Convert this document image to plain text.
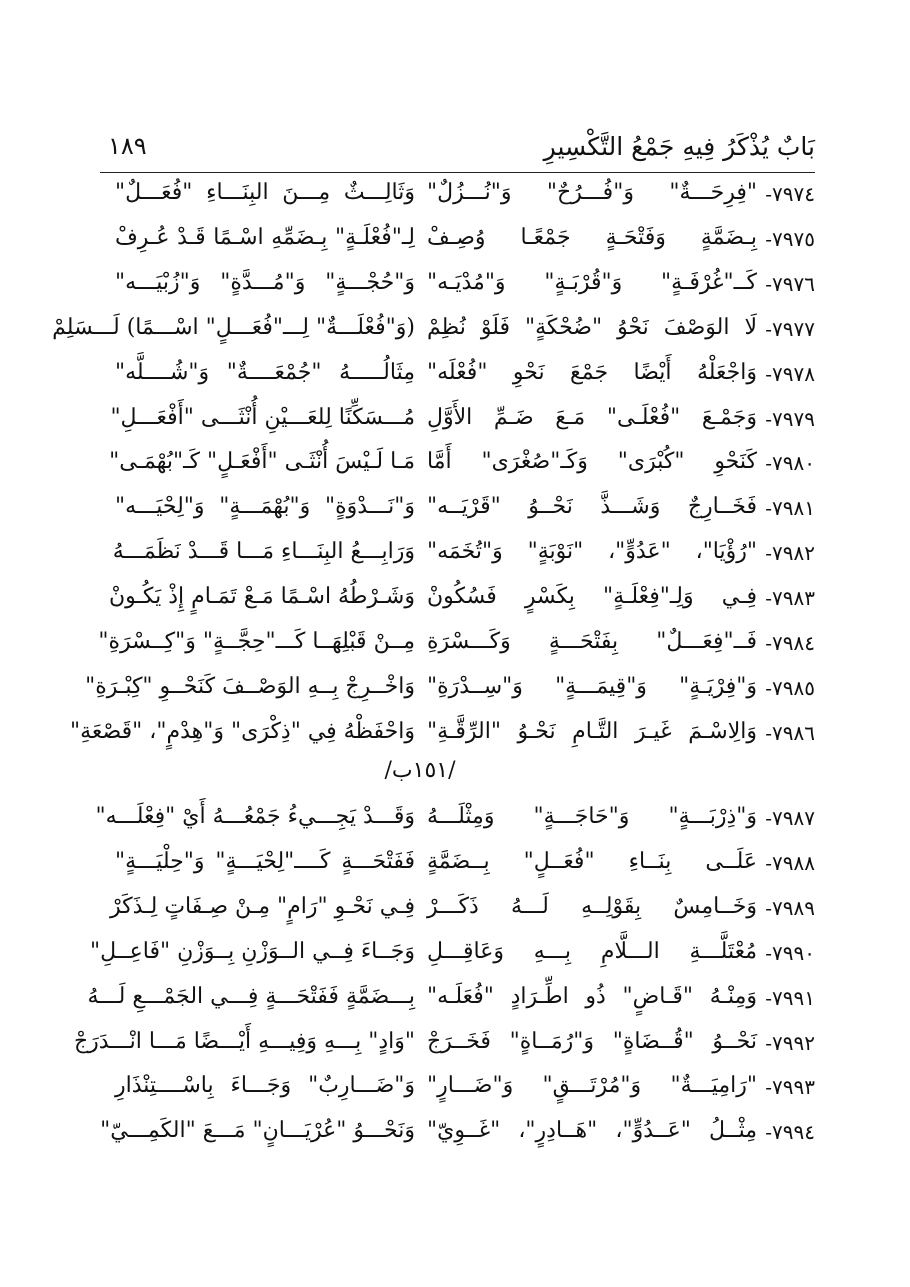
بَابٌ يُذْكَرُ فِيهِ جَمْعُ التَّكْسِيرِ
١٨٩
٧٩٧٤-
"فِرِحَـــةٌ" وَ"فُـــرُحٌ" وَ"نُـــزُلٌ"
وَثَالِـــثٌ مِـــنَ البِنَـــاءِ "فُعَـــلٌ"
٧٩٧٥-
بِـضَمَّةٍ وَفَتْحَـةٍ جَمْعًـا وُصِـفْ
لِـ"فُعْلَـةٍ" بِـضَمِّهِ اسْـمًا قَـدْ عُـرِفْ
٧٩٧٦-
كَــ"غُرْفَـةٍ" وَ"قُرْبَـةٍ" وَ"مُدْيَـه"
وَ"حُجْـــةٍ" وَ"مُـــدَّةٍ" وَ"زُبْيَـــه"
٧٩٧٧-
لَا الوَصْفَ نَحْوُ "ضُحْكَةٍ" فَلَوْ نُظِمْ
(وَ"فُعْلَـــةٌ" لِـــ"فُعَـــلٍ" اسْـــمًا) لَـــسَلِمْ
٧٩٧٨-
وَاجْعَلْهُ أَيْضًا جَمْعَ نَحْوِ "فُعْلَه"
مِثَالُـــــهُ "جُمْعَــــةٌ" وَ"شُــــلَّه"
٧٩٧٩-
وَجَمْـعَ "فُعْلَـى" مَـعَ ضَـمِّ الأَوَّلِ
مُـــسَكِّنًا لِلعَـــيْنِ أُنْثَـــى "أَفْعَـــلِ"
٧٩٨٠-
كَنَحْوِ "كُبْرَى" وَكَـ"صُغْرَى" أَمَّا
مَـا لَـيْسَ أُنْثَـى "أَفْعَـلٍ" كَـ"بُهْمَـى"
٧٩٨١-
فَخَــارِجٌ وَشَـــذَّ نَحْــوُ "قَرْيَــه"
وَ"نَـــدْوَةٍ" وَ"بُهْمَـــةٍ" وَ"لِحْيَـــه"
٧٩٨٢-
"رُؤْيَا"، "عَدُوٍّ"، "نَوْبَةٍ" وَ"تُخَمَه"
وَرَابِـــعُ البِنَـــاءِ مَـــا قَـــدْ نَظَمَـــهُ
٧٩٨٣-
فِـي وَلِـ"فِعْلَـةٍ" بِكَسْرٍ فَسُكُونْ
وَشَـرْطُهُ اسْـمًا مَـعْ تَمَـامٍ إِذْ يَكُـونْ
٧٩٨٤-
فَــ"فِعَـــلٌ" بِفَتْحَـــةٍ وَكَـــسْرَةِ
مِــنْ قَبْلِهَــا كَـــ"حِجَّــةٍ" وَ"كِــسْرَةِ"
٧٩٨٥-
وَ"فِرْيَـةٍ" وَ"قِيمَـــةٍ" وَ"سِــدْرَةِ"
وَاخْــرِجْ بِــهِ الوَصْــفَ كَنَحْــوِ "كِبْـرَةِ"
٧٩٨٦-
وَالِاسْـمَ غَيـرَ التَّـامِ نَحْـوُ "الرِّقَّـةِ"
وَاحْفَظْهُ فِي "ذِكْرَى" وَ"هِدْمٍ"، "قَصْعَةِ"
/١٥١ب/
٧٩٨٧-
وَ"ذِرْبَـــةٍ" وَ"حَاجَـــةٍ" وَمِثْلَـــهُ
وَقَـــدْ يَجِـــيءُ جَمْعُـــهُ أَيْ "فِعْلَـــه"
٧٩٨٨-
عَلَــى بِنَــاءِ "فُعَــلٍ" بِــضَمَّةٍ
فَفَتْحَـــةٍ كَــــ"لِحْيَـــةٍ" وَ"حِلْيَـــةٍ"
٧٩٨٩-
وَخَــامِسٌ بِقَوْلِــهِ لَـــهُ ذَكَـــرْ
فِـي نَحْـوِ "رَامٍ" مِـنْ صِـفَاتٍ لِـذَكَرْ
٧٩٩٠-
مُعْتَلَّـــةِ الـــلَّامِ بِـــهِ وَعَاقِـــلِ
وَجَــاءَ فِــي الــوَزْنِ بِــوَزْنِ "فَاعِــلِ"
٧٩٩١-
وَمِنْـهُ "قَـاضٍ" ذُو اطِّـرَادٍ "فُعَلَـه"
بِـــضَمَّةٍ فَفَتْحَـــةٍ فِـــي الجَمْـــعِ لَـــهُ
٧٩٩٢-
نَحْــوُ "قُــضَاةٍ" وَ"رُمَــاةٍ" فَخَــرَجْ
"وَادٍ" بِـــهِ وَفِيـــهِ أَيْـــضًا مَـــا انْـــدَرَجْ
٧٩٩٣-
"رَامِيَـــةٌ" وَ"مُرْتَـــقٍ" وَ"ضَـــارٍ"
وَ"ضَـــارِبٌ" وَجَـــاءَ بِاسْــــتِنْذَارِ
٧٩٩٤-
مِثْــلُ "عَــدُوٍّ"، "هَــادِرٍ"، "غَــوِيّ"
وَنَحْـــوُ "عُرْيَـــانٍ" مَـــعَ "الكَمِـــيّ"
